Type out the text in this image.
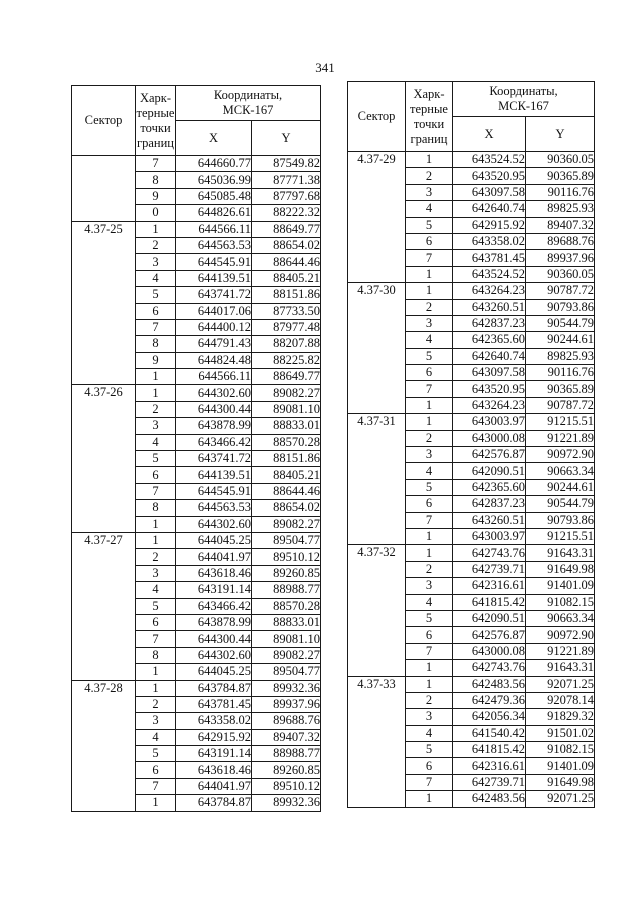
341
Сектор	Харк-
терные
точки
границ	Координаты,
МСК-167	
		X	Y
	7	644660.77	87549.82
	8	645036.99	87771.38
	9	645085.48	87797.68
	0	644826.61	88222.32
4.37-25	1	644566.11	88649.77
	2	644563.53	88654.02
	3	644545.91	88644.46
	4	644139.51	88405.21
	5	643741.72	88151.86
	6	644017.06	87733.50
	7	644400.12	87977.48
	8	644791.43	88207.88
	9	644824.48	88225.82
	1	644566.11	88649.77
4.37-26	1	644302.60	89082.27
	2	644300.44	89081.10
	3	643878.99	88833.01
	4	643466.42	88570.28
	5	643741.72	88151.86
	6	644139.51	88405.21
	7	644545.91	88644.46
	8	644563.53	88654.02
	1	644302.60	89082.27
4.37-27	1	644045.25	89504.77
	2	644041.97	89510.12
	3	643618.46	89260.85
	4	643191.14	88988.77
	5	643466.42	88570.28
	6	643878.99	88833.01
	7	644300.44	89081.10
	8	644302.60	89082.27
	1	644045.25	89504.77
4.37-28	1	643784.87	89932.36
	2	643781.45	89937.96
	3	643358.02	89688.76
	4	642915.92	89407.32
	5	643191.14	88988.77
	6	643618.46	89260.85
	7	644041.97	89510.12
	1	643784.87	89932.36
Сектор	Харк-
терные
точки
границ	Координаты,
МСК-167	
		X	Y
4.37-29	1	643524.52	90360.05
	2	643520.95	90365.89
	3	643097.58	90116.76
	4	642640.74	89825.93
	5	642915.92	89407.32
	6	643358.02	89688.76
	7	643781.45	89937.96
	1	643524.52	90360.05
4.37-30	1	643264.23	90787.72
	2	643260.51	90793.86
	3	642837.23	90544.79
	4	642365.60	90244.61
	5	642640.74	89825.93
	6	643097.58	90116.76
	7	643520.95	90365.89
	1	643264.23	90787.72
4.37-31	1	643003.97	91215.51
	2	643000.08	91221.89
	3	642576.87	90972.90
	4	642090.51	90663.34
	5	642365.60	90244.61
	6	642837.23	90544.79
	7	643260.51	90793.86
	1	643003.97	91215.51
4.37-32	1	642743.76	91643.31
	2	642739.71	91649.98
	3	642316.61	91401.09
	4	641815.42	91082.15
	5	642090.51	90663.34
	6	642576.87	90972.90
	7	643000.08	91221.89
	1	642743.76	91643.31
4.37-33	1	642483.56	92071.25
	2	642479.36	92078.14
	3	642056.34	91829.32
	4	641540.42	91501.02
	5	641815.42	91082.15
	6	642316.61	91401.09
	7	642739.71	91649.98
	1	642483.56	92071.25
